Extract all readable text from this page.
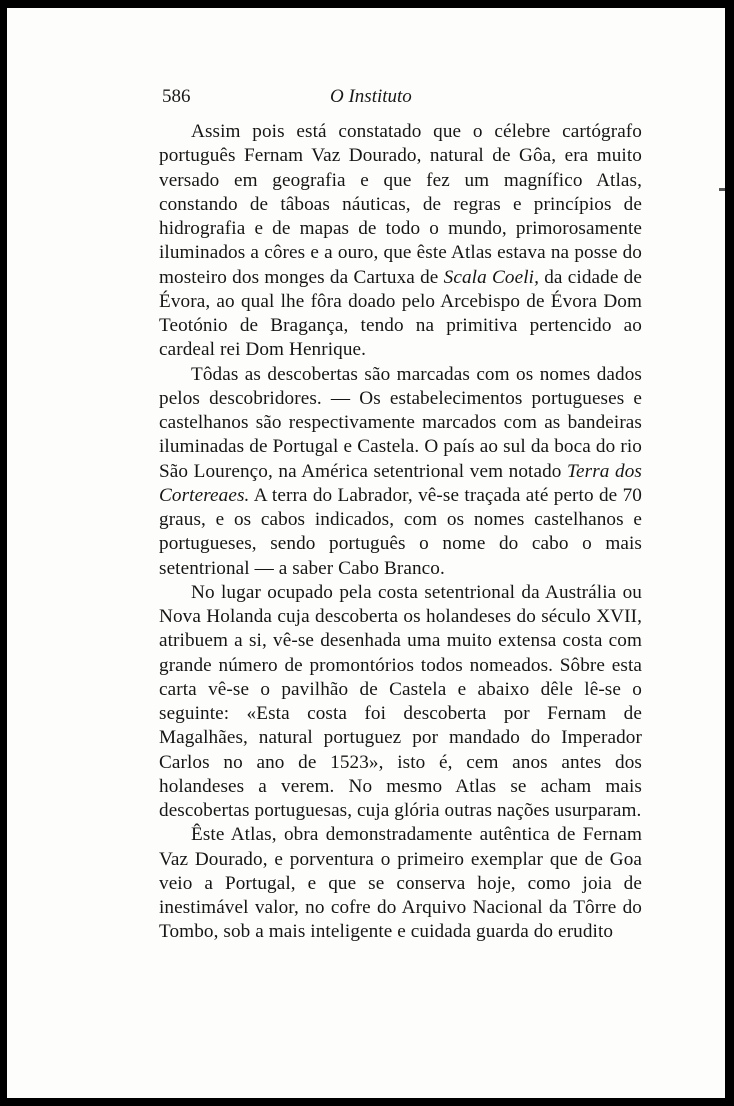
586	O Instituto

Assim pois está constatado que o célebre cartógrafo português Fernam Vaz Dourado, natural de Gôa, era muito versado em geografia e que fez um magnífico Atlas, constando de tâboas náuticas, de regras e princípios de hidrografia e de mapas de todo o mundo, primorosamente iluminados a côres e a ouro, que êste Atlas estava na posse do mosteiro dos monges da Cartuxa de Scala Coeli, da cidade de Évora, ao qual lhe fôra doado pelo Arcebispo de Évora Dom Teotónio de Bragança, tendo na primitiva pertencido ao cardeal rei Dom Henrique.

Tôdas as descobertas são marcadas com os nomes dados pelos descobridores. — Os estabelecimentos portugueses e castelhanos são respectivamente marcados com as bandeiras iluminadas de Portugal e Castela. O país ao sul da boca do rio São Lourenço, na América setentrional vem notado Terra dos Cortereaes. A terra do Labrador, vê-se traçada até perto de 70 graus, e os cabos indicados, com os nomes castelhanos e portugueses, sendo português o nome do cabo o mais setentrional — a saber Cabo Branco.

No lugar ocupado pela costa setentrional da Austrália ou Nova Holanda cuja descoberta os holandeses do século XVII, atribuem a si, vê-se desenhada uma muito extensa costa com grande número de promontórios todos nomeados. Sôbre esta carta vê-se o pavilhão de Castela e abaixo dêle lê-se o seguinte: «Esta costa foi descoberta por Fernam de Magalhães, natural portuguez por mandado do Imperador Carlos no ano de 1523», isto é, cem anos antes dos holandeses a verem. No mesmo Atlas se acham mais descobertas portuguesas, cuja glória outras nações usurparam.

Êste Atlas, obra demonstradamente autêntica de Fernam Vaz Dourado, e porventura o primeiro exemplar que de Goa veio a Portugal, e que se conserva hoje, como joia de inestimável valor, no cofre do Arquivo Nacional da Tôrre do Tombo, sob a mais inteligente e cuidada guarda do erudito
